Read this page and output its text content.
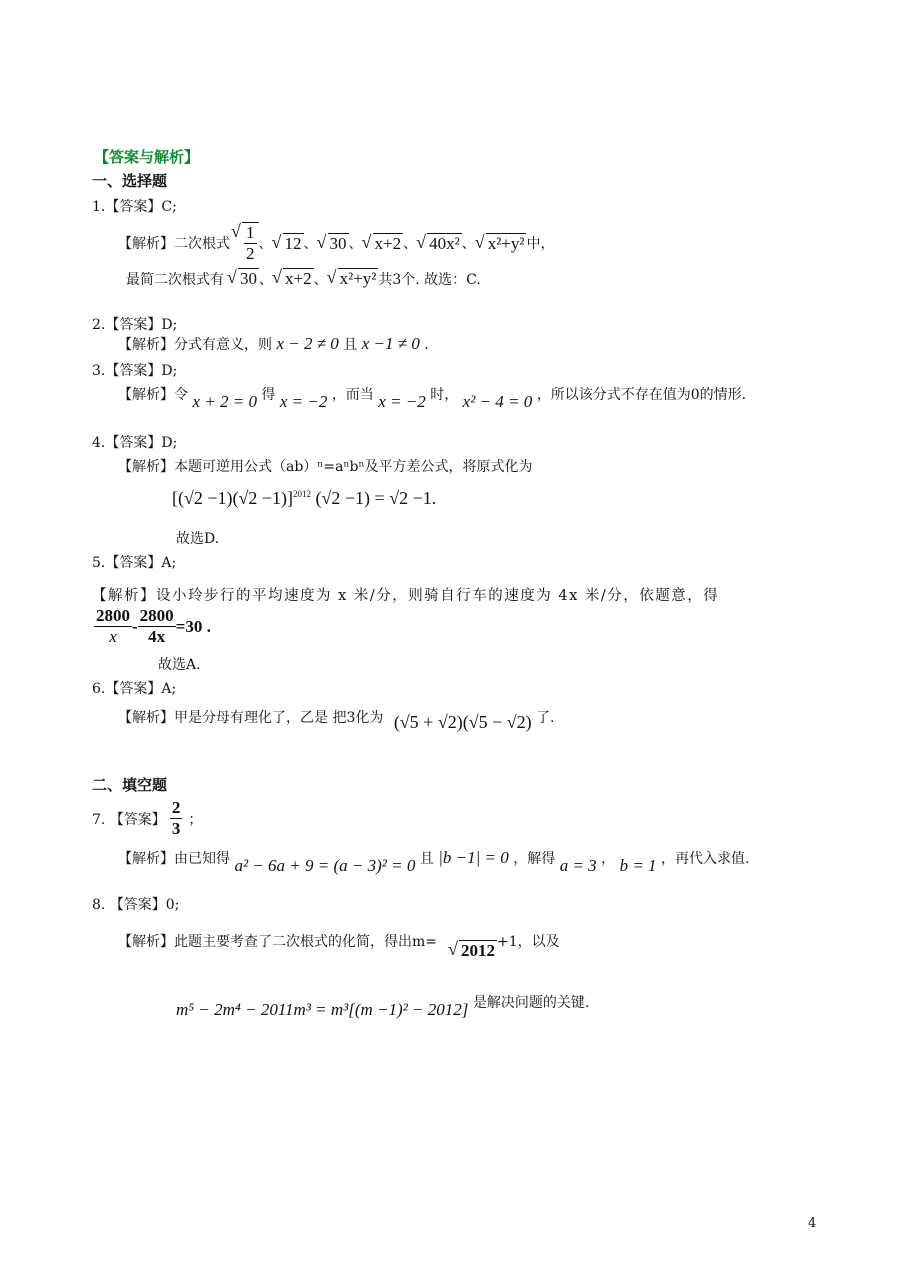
【答案与解析】
一、选择题
1.【答案】C;
【解析】二次根式 √ $\frac{1}{2}$ 、 √ 12 、 √ 30 、 √ x+2 、 √ 40x² 、 √ x²+y² 中，
最简二次根式有 √ 30 、 √ x+2 、 √ x²+y² 共3个. 故选：C.
2.【答案】D;
【解析】分式有意义，则 x − 2 ≠ 0 且 x −1 ≠ 0 .
3.【答案】D;
【解析】令 x + 2 = 0 得 x = −2 ，而当 x = −2 时， x² − 4 = 0 ，所以该分式不存在值为0的情形.
4.【答案】D;
【解析】本题可逆用公式（ab）ⁿ=aⁿbⁿ及平方差公式，将原式化为
$[(√2 -1)(√2 -1)]^{2012}$ (√2 −1) = √2 −1.
故选D.
5.【答案】A;
【解析】设小玲步行的平均速度为 x 米/分，则骑自行车的速度为 4x 米/分，依题意，得
$\frac{2800}{x} - \frac{2800}{4x} =30$ .
故选A.
6.【答案】A;
【解析】甲是分母有理化了，乙是 把3化为 (√5 + √2)(√5 − √2) 了.
二、填空题
7. 【答案】 $\frac{2}{3}$ ；
【解析】由已知得 a² − 6a + 9 = (a − 3)² = 0 且 |b −1| = 0 ，解得 a = 3 ， b = 1 ，再代入求值.
8. 【答案】0;
【解析】此题主要考查了二次根式的化简，得出m= √ 2012 +1，以及
m⁵ − 2m⁴ − 2011m³ = m³[(m −1)² − 2012] 是解决问题的关键.
4
